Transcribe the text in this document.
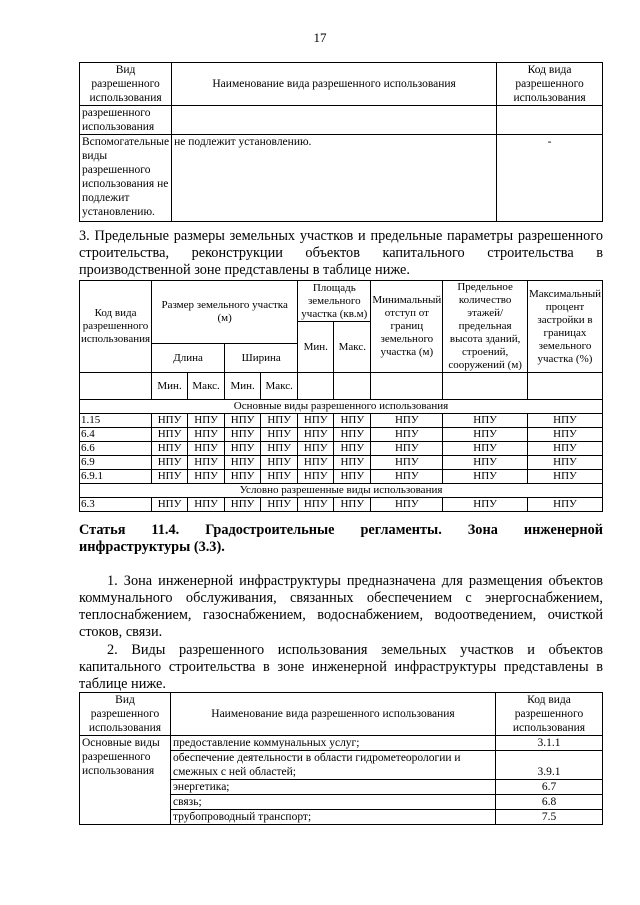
17
Вид разрешенного использования	Наименование вида разрешенного использования	Код вида разрешенного использования
разрешенного использования		
Вспомогательные виды разрешенного использования не подлежит установлению.	не подлежит установлению.	-
3. Предельные размеры земельных участков и предельные параметры разрешенного строительства, реконструкции объектов капитального строительства в производственной зоне представлены в таблице ниже.
Код вида разрешенного использования	Размер земельного участка (м)				Площадь земельного участка (кв.м)		Минимальный отступ от границ земельного участка (м)	Предельное количество этажей/ предельная высота зданий, строений, сооружений (м)	Максимальный процент застройки в границах земельного участка (%)
					Мин.	Макс.			
	Длина		Ширина						
	Мин.	Макс.	Мин.	Макс.					
Основные виды разрешенного использования									
1.15	НПУ	НПУ	НПУ	НПУ	НПУ	НПУ	НПУ	НПУ	НПУ
6.4	НПУ	НПУ	НПУ	НПУ	НПУ	НПУ	НПУ	НПУ	НПУ
6.6	НПУ	НПУ	НПУ	НПУ	НПУ	НПУ	НПУ	НПУ	НПУ
6.9	НПУ	НПУ	НПУ	НПУ	НПУ	НПУ	НПУ	НПУ	НПУ
6.9.1	НПУ	НПУ	НПУ	НПУ	НПУ	НПУ	НПУ	НПУ	НПУ
Условно разрешенные виды использования									
6.3	НПУ	НПУ	НПУ	НПУ	НПУ	НПУ	НПУ	НПУ	НПУ
Статья 11.4. Градостроительные регламенты. Зона инженерной инфраструктуры (3.3).
1. Зона инженерной инфраструктуры предназначена для размещения объектов коммунального обслуживания, связанных обеспечением с энергоснабжением, теплоснабжением, газоснабжением, водоснабжением, водоотведением, очисткой стоков, связи.
2. Виды разрешенного использования земельных участков и объектов капитального строительства в зоне инженерной инфраструктуры представлены в таблице ниже.
Вид разрешенного использования	Наименование вида разрешенного использования	Код вида разрешенного использования
Основные виды разрешенного использования	предоставление коммунальных услуг;	3.1.1
	обеспечение деятельности в области гидрометеорологии и смежных с ней областей;	3.9.1
	энергетика;	6.7
	связь;	6.8
	трубопроводный транспорт;	7.5
